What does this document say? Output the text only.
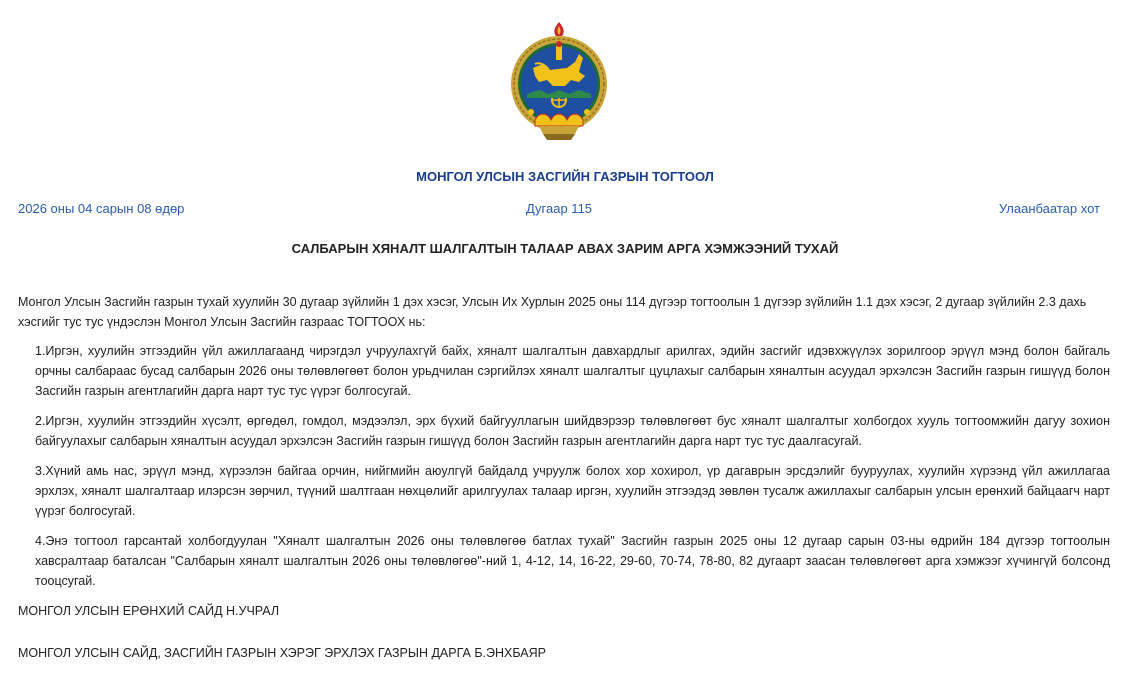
МОНГОЛ УЛСЫН ЗАСГИЙН ГАЗРЫН ТОГТООЛ
2026 оны 04 сарын 08 өдөр	Дугаар 115	Улаанбаатар хот
САЛБАРЫН ХЯНАЛТ ШАЛГАЛТЫН ТАЛААР АВАХ ЗАРИМ АРГА ХЭМЖЭЭНИЙ ТУХАЙ
Монгол Улсын Засгийн газрын тухай хуулийн 30 дугаар зүйлийн 1 дэх хэсэг, Улсын Их Хурлын 2025 оны 114 дүгээр тогтоолын 1 дүгээр зүйлийн 1.1 дэх хэсэг, 2 дугаар зүйлийн 2.3 дахь хэсгийг тус тус үндэслэн Монгол Улсын Засгийн газраас ТОГТООХ нь:
1.Иргэн, хуулийн этгээдийн үйл ажиллагаанд чирэгдэл учруулахгүй байх, хяналт шалгалтын давхардлыг арилгах, эдийн засгийг идэвхжүүлэх зорилгоор эрүүл мэнд болон байгаль орчны салбараас бусад салбарын 2026 оны төлөвлөгөөт болон урьдчилан сэргийлэх хяналт шалгалтыг цуцлахыг салбарын хяналтын асуудал эрхэлсэн Засгийн газрын гишүүд болон Засгийн газрын агентлагийн дарга нарт тус тус үүрэг болгосугай.
2.Иргэн, хуулийн этгээдийн хүсэлт, өргөдөл, гомдол, мэдээлэл, эрх бүхий байгууллагын шийдвэрээр төлөвлөгөөт бус хяналт шалгалтыг холбогдох хууль тогтоомжийн дагуу зохион байгуулахыг салбарын хяналтын асуудал эрхэлсэн Засгийн газрын гишүүд болон Засгийн газрын агентлагийн дарга нарт тус тус даалгасугай.
3.Хүний амь нас, эрүүл мэнд, хүрээлэн байгаа орчин, нийгмийн аюулгүй байдалд учруулж болох хор хохирол, үр дагаврын эрсдэлийг бууруулах, хуулийн хүрээнд үйл ажиллагаа эрхлэх, хяналт шалгалтаар илэрсэн зөрчил, түүний шалтгаан нөхцөлийг арилгуулах талаар иргэн, хуулийн этгээдэд зөвлөн тусалж ажиллахыг салбарын улсын ерөнхий байцаагч нарт үүрэг болгосугай.
4.Энэ тогтоол гарсантай холбогдуулан "Хяналт шалгалтын 2026 оны төлөвлөгөө батлах тухай" Засгийн газрын 2025 оны 12 дугаар сарын 03-ны өдрийн 184 дүгээр тогтоолын хавсралтаар баталсан "Салбарын хяналт шалгалтын 2026 оны төлөвлөгөө"-ний 1, 4-12, 14, 16-22, 29-60, 70-74, 78-80, 82 дугаарт заасан төлөвлөгөөт арга хэмжээг хүчингүй болсонд тооцсугай.
МОНГОЛ УЛСЫН ЕРӨНХИЙ САЙД Н.УЧРАЛ
МОНГОЛ УЛСЫН САЙД, ЗАСГИЙН ГАЗРЫН ХЭРЭГ ЭРХЛЭХ ГАЗРЫН ДАРГА Б.ЭНХБАЯР
